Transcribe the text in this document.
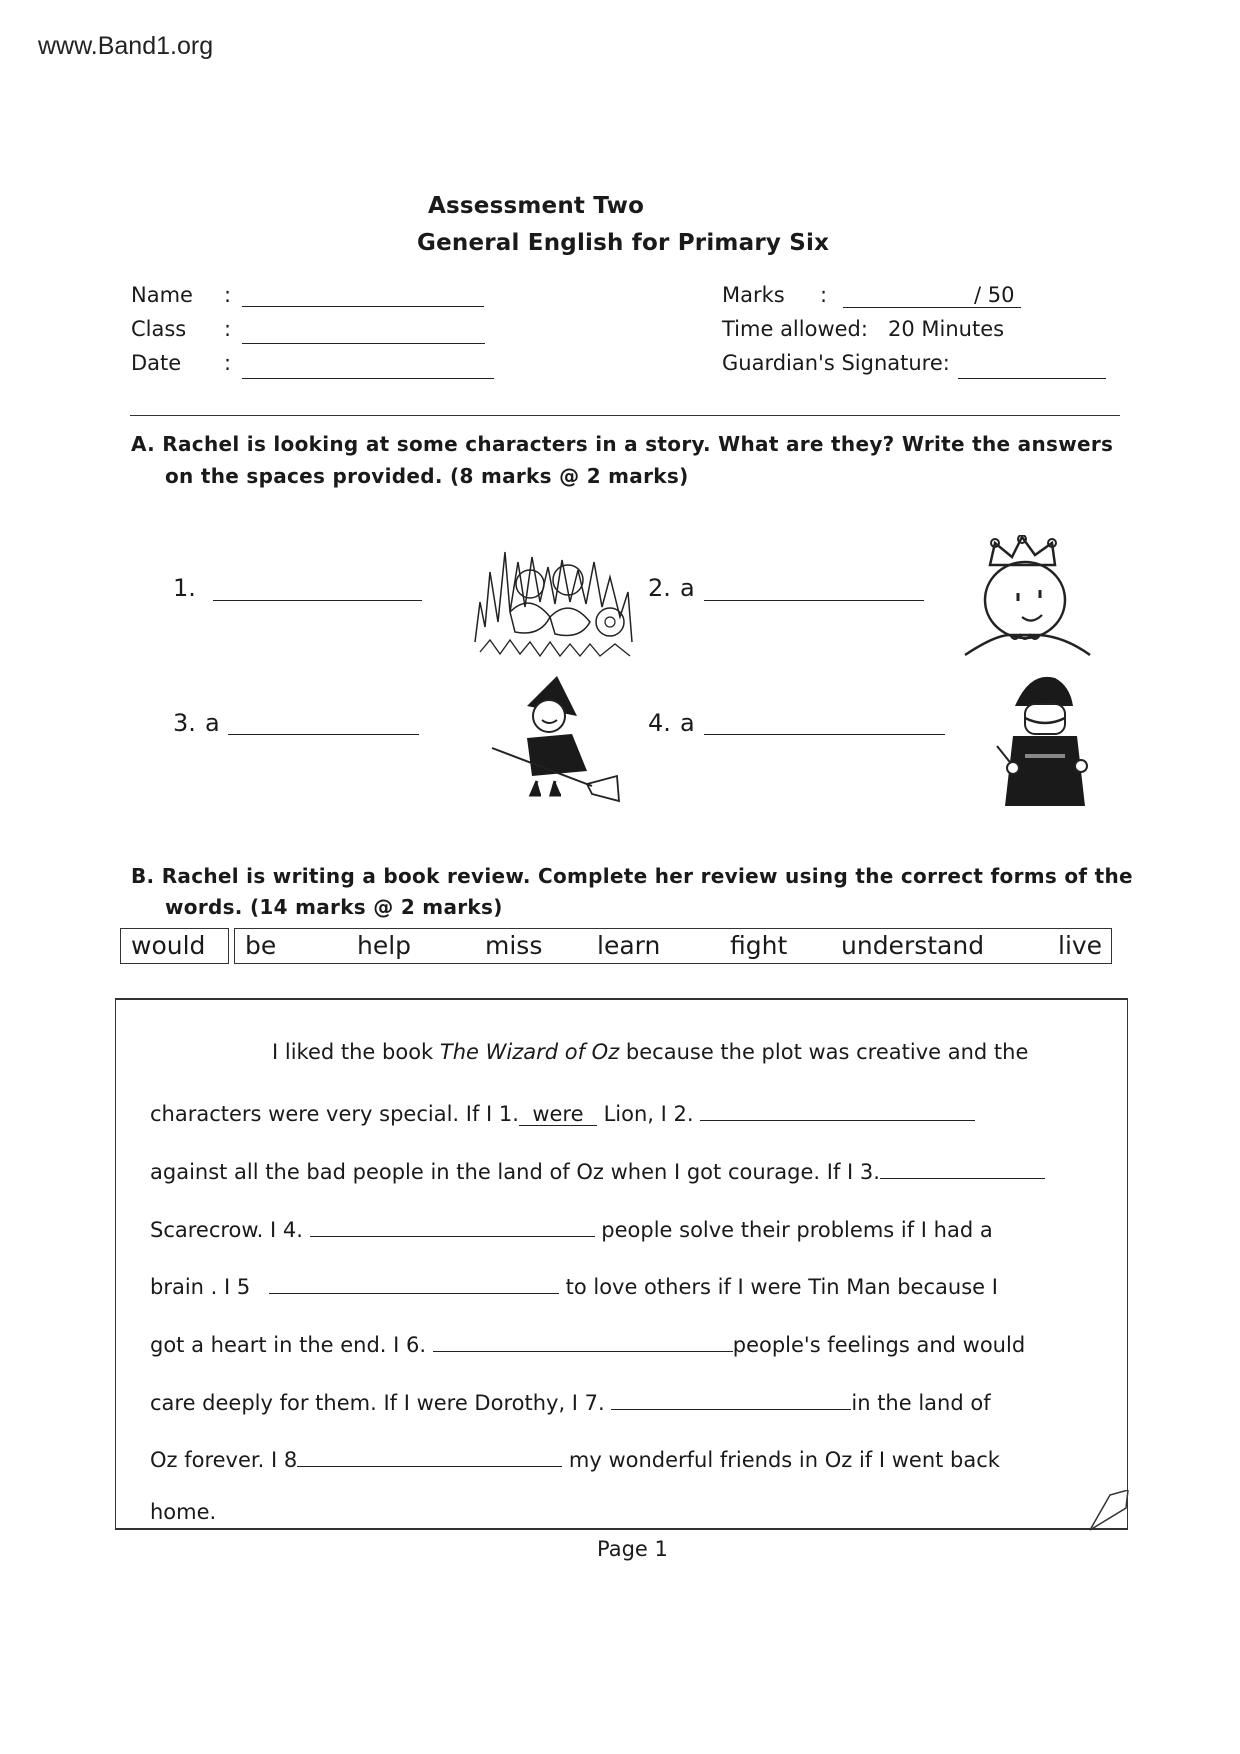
www.Band1.org
Assessment Two
General English for Primary Six
Name :
Class :
Date :
Marks :	/ 50
Time allowed: 20 Minutes
Guardian's Signature:
A. Rachel is looking at some characters in a story. What are they? Write the answers
on the spaces provided. (8 marks @ 2 marks)
1.	2. a
3. a	4. a
B. Rachel is writing a book review. Complete her review using the correct forms of the
words. (14 marks @ 2 marks)
would be	help	miss learn	fight understand	live
I liked the book The Wizard of Oz because the plot was creative and the
characters were very special. If I 1. were Lion, I 2.
against all the bad people in the land of Oz when I got courage. If I 3.
Scarecrow. I 4.	people solve their problems if I had a
brain . I 5	to love others if I were Tin Man because I
got a heart in the end. I 6.	people's feelings and would
care deeply for them. If I were Dorothy, I 7.	in the land of
Oz forever. I 8	my wonderful friends in Oz if I went back
home.
Page 1
